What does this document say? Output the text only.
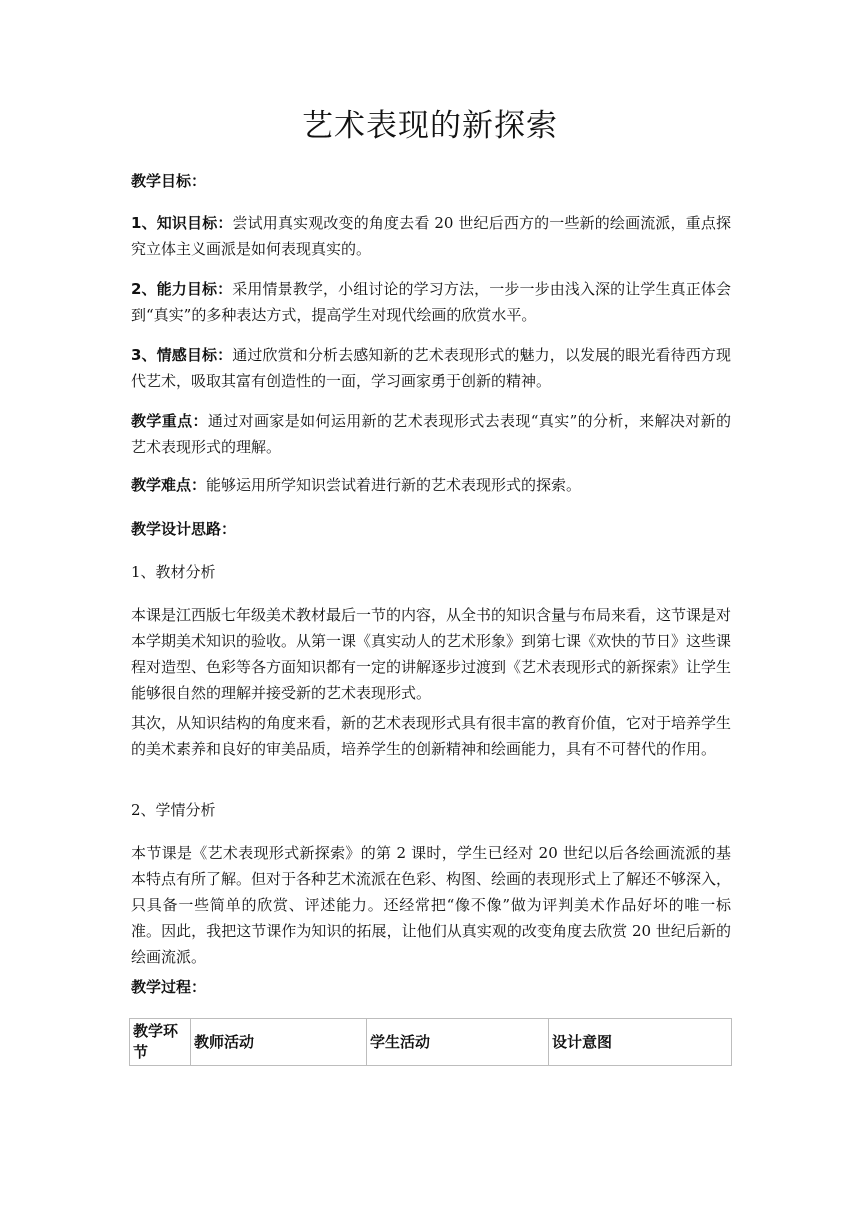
艺术表现的新探索
教学目标：
1、知识目标：尝试用真实观改变的角度去看 20 世纪后西方的一些新的绘画流派，重点探究立体主义画派是如何表现真实的。
2、能力目标：采用情景教学，小组讨论的学习方法，一步一步由浅入深的让学生真正体会到“真实”的多种表达方式，提高学生对现代绘画的欣赏水平。
3、情感目标：通过欣赏和分析去感知新的艺术表现形式的魅力，以发展的眼光看待西方现代艺术，吸取其富有创造性的一面，学习画家勇于创新的精神。
教学重点：通过对画家是如何运用新的艺术表现形式去表现“真实”的分析，来解决对新的艺术表现形式的理解。
教学难点：能够运用所学知识尝试着进行新的艺术表现形式的探索。
教学设计思路：
1、教材分析
本课是江西版七年级美术教材最后一节的内容，从全书的知识含量与布局来看，这节课是对本学期美术知识的验收。从第一课《真实动人的艺术形象》到第七课《欢快的节日》这些课程对造型、色彩等各方面知识都有一定的讲解逐步过渡到《艺术表现形式的新探索》让学生能够很自然的理解并接受新的艺术表现形式。
其次，从知识结构的角度来看，新的艺术表现形式具有很丰富的教育价值，它对于培养学生的美术素养和良好的审美品质，培养学生的创新精神和绘画能力，具有不可替代的作用。
2、学情分析
本节课是《艺术表现形式新探索》的第 2 课时，学生已经对 20 世纪以后各绘画流派的基本特点有所了解。但对于各种艺术流派在色彩、构图、绘画的表现形式上了解还不够深入，只具备一些简单的欣赏、评述能力。还经常把“像不像”做为评判美术作品好坏的唯一标准。因此，我把这节课作为知识的拓展，让他们从真实观的改变角度去欣赏 20 世纪后新的绘画流派。
教学过程：
教学环节	教师活动	学生活动	设计意图
